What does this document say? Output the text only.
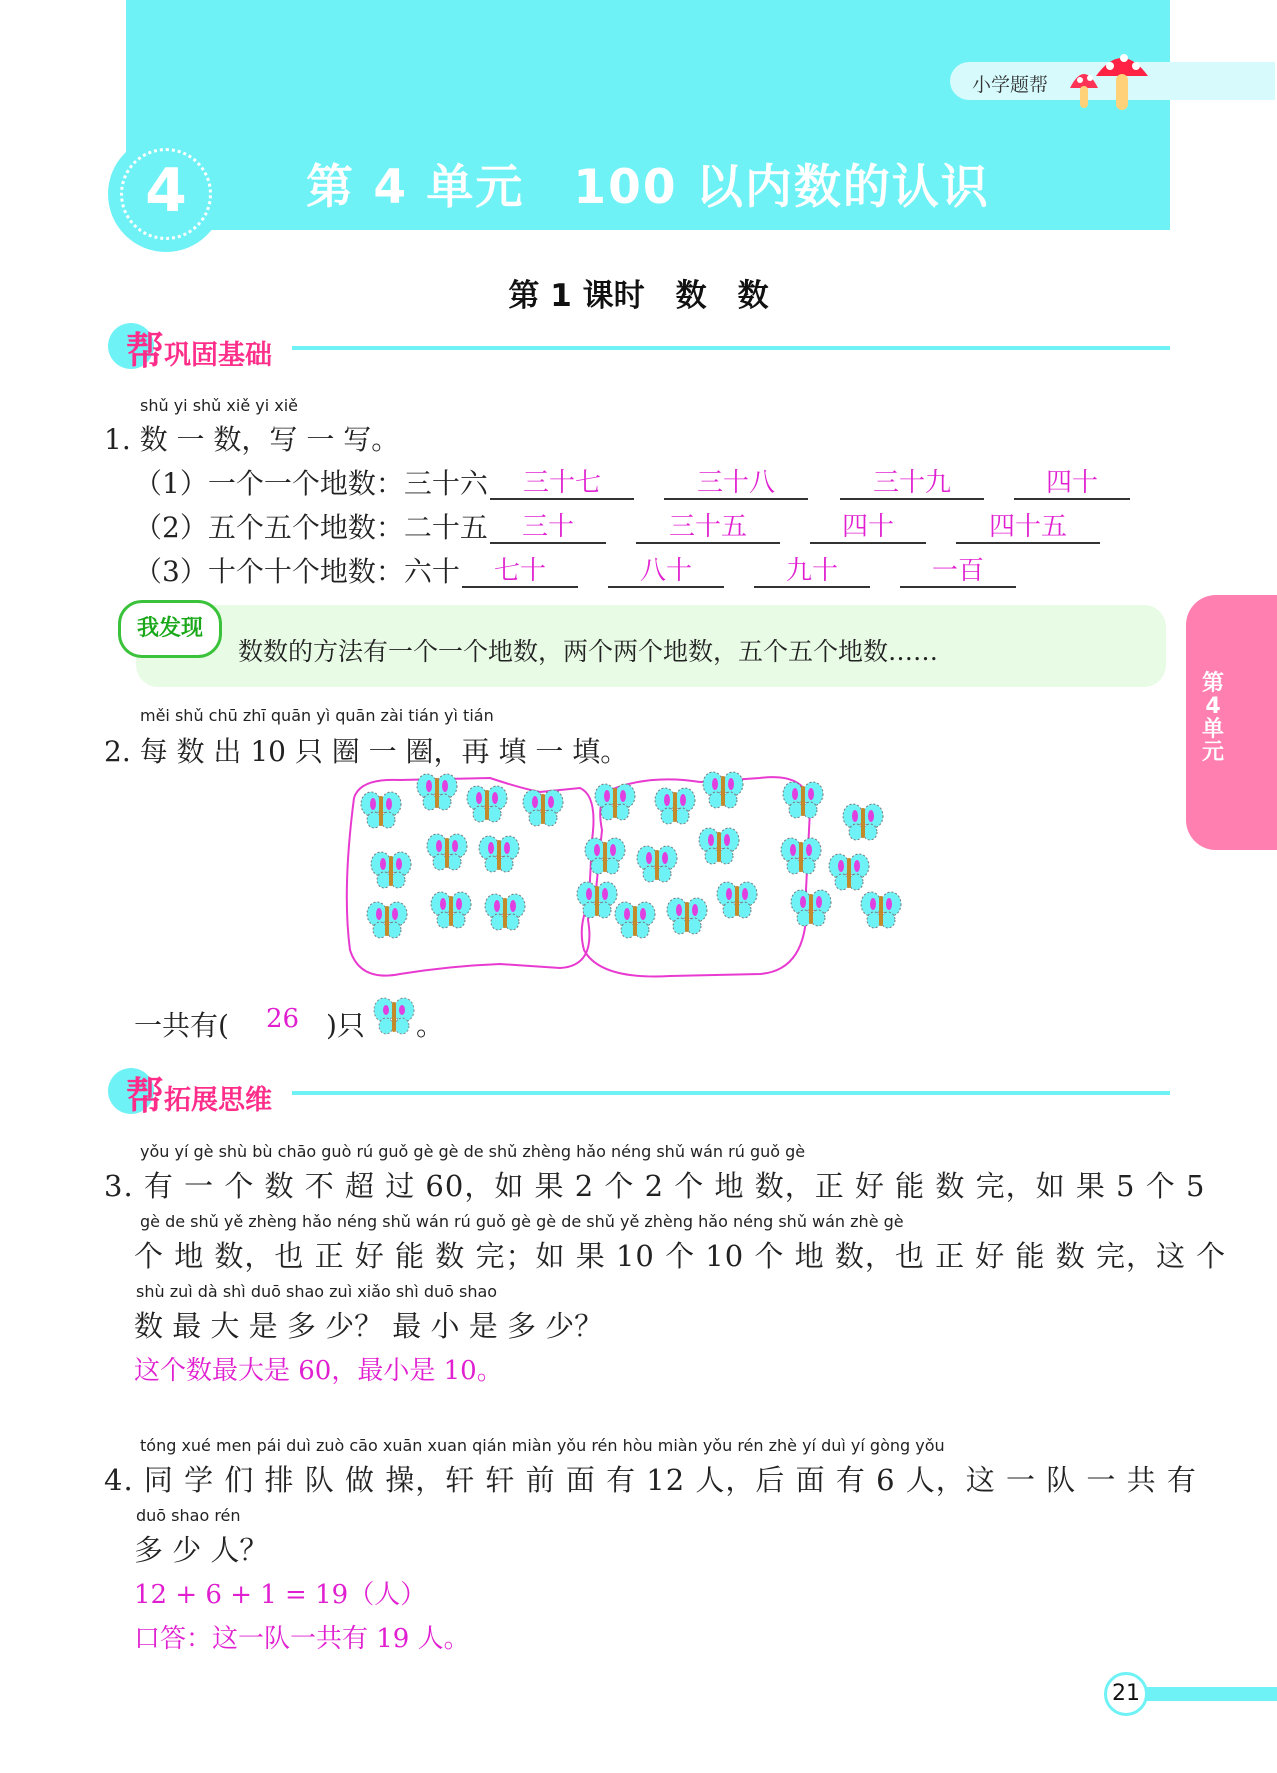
小学题帮
4	第 4 单元　100 以内数的认识
第 1 课时　数　数
帮巩固基础
shǔ yi shǔ xiě yi xiě
1. 数 一 数，写 一 写。
（1）一个一个地数：三十六	三十七	三十八	三十九	四十
（2）五个五个地数：二十五	三十	三十五	四十	四十五
（3）十个十个地数：六十	七十	八十	九十	一百
我发现
数数的方法有一个一个地数，两个两个地数，五个五个地数……
第4单元
měi shǔ chū zhī quān yì quān zài tián yì tián
2. 每 数 出 10 只 圈 一 圈，再 填 一 填。
一共有( 26 )只 。
帮拓展思维
yǒu yí gè shù bù chāo guò rú guǒ gè gè de shǔ zhèng hǎo néng shǔ wán rú guǒ gè
3. 有 一 个 数 不 超 过 60，如 果 2 个 2 个 地 数，正 好 能 数 完，如 果 5 个 5
gè de shǔ yě zhèng hǎo néng shǔ wán rú guǒ gè gè de shǔ yě zhèng hǎo néng shǔ wán zhè gè
个 地 数，也 正 好 能 数 完；如 果 10 个 10 个 地 数，也 正 好 能 数 完，这 个
shù zuì dà shì duō shao zuì xiǎo shì duō shao
数 最 大 是 多 少？ 最 小 是 多 少？
这个数最大是 60，最小是 10。
tóng xué men pái duì zuò cāo xuān xuan qián miàn yǒu rén hòu miàn yǒu rén zhè yí duì yí gòng yǒu
4. 同 学 们 排 队 做 操，轩 轩 前 面 有 12 人，后 面 有 6 人，这 一 队 一 共 有
duō shao rén
多 少 人？
12 + 6 + 1 = 19（人）
口答：这一队一共有 19 人。
21
